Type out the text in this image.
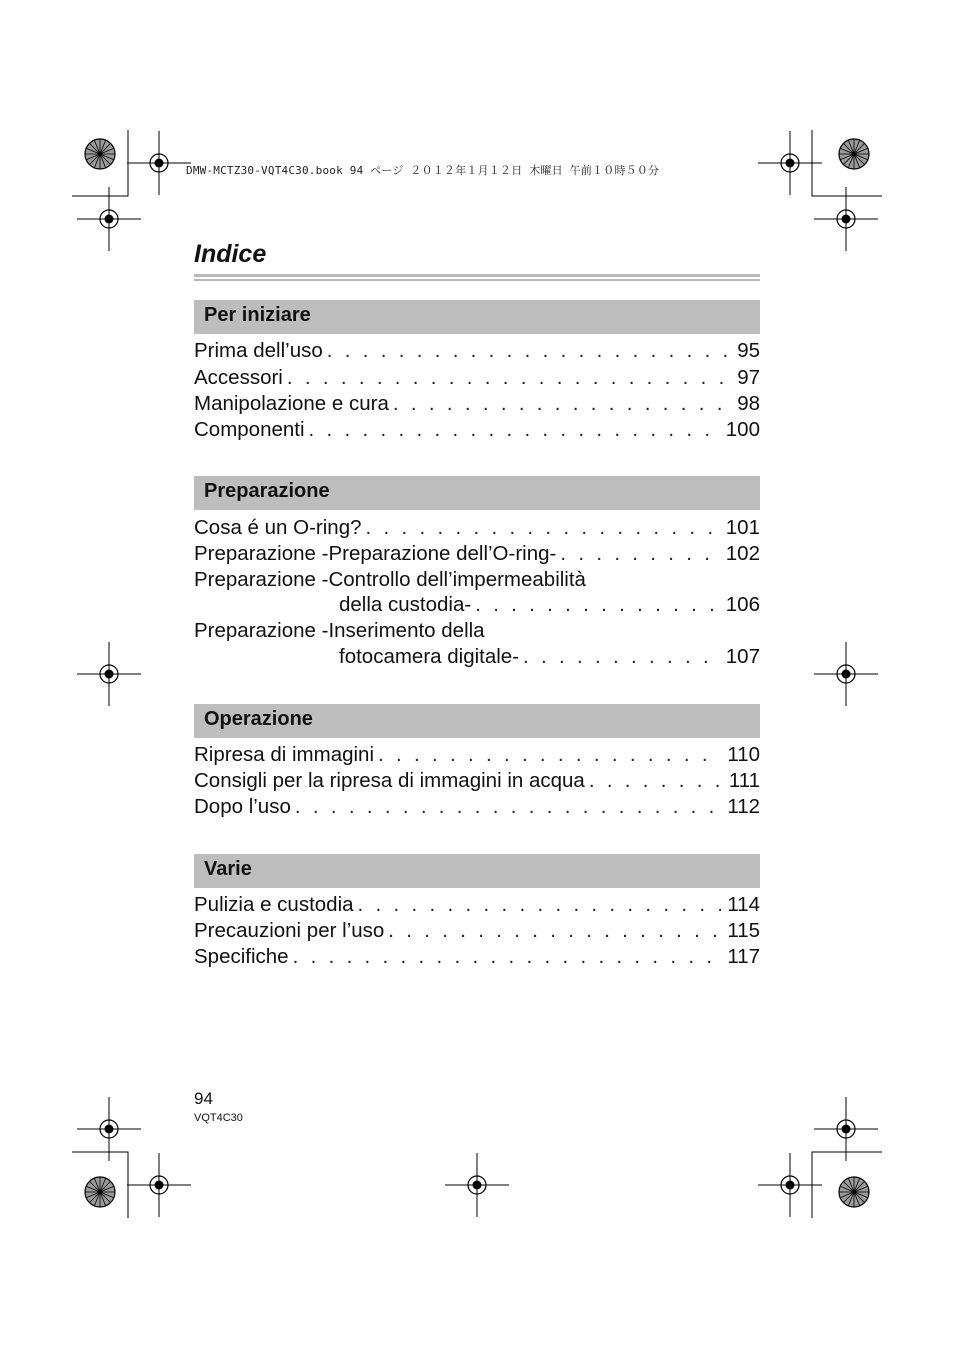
DMW-MCTZ30-VQT4C30.book 94 ページ ２０１２年１月１２日 木曜日 午前１０時５０分
Indice
Per iniziare
Prima dell’uso . . .	95
Accessori . . .	97
Manipolazione e cura . . .	98
Componenti . . .	100
Preparazione
Cosa é un O-ring? . . .	101
Preparazione -Preparazione dell’O-ring- . . .	102
Preparazione -Controllo dell’impermeabilità
della custodia- . . .	106
Preparazione -Inserimento della
fotocamera digitale- . . .	107
Operazione
Ripresa di immagini . . .	110
Consigli per la ripresa di immagini in acqua . . .	111
Dopo l’uso . . .	112
Varie
Pulizia e custodia . . .	114
Precauzioni per l’uso . . .	115
Specifiche . . .	117
94
VQT4C30
